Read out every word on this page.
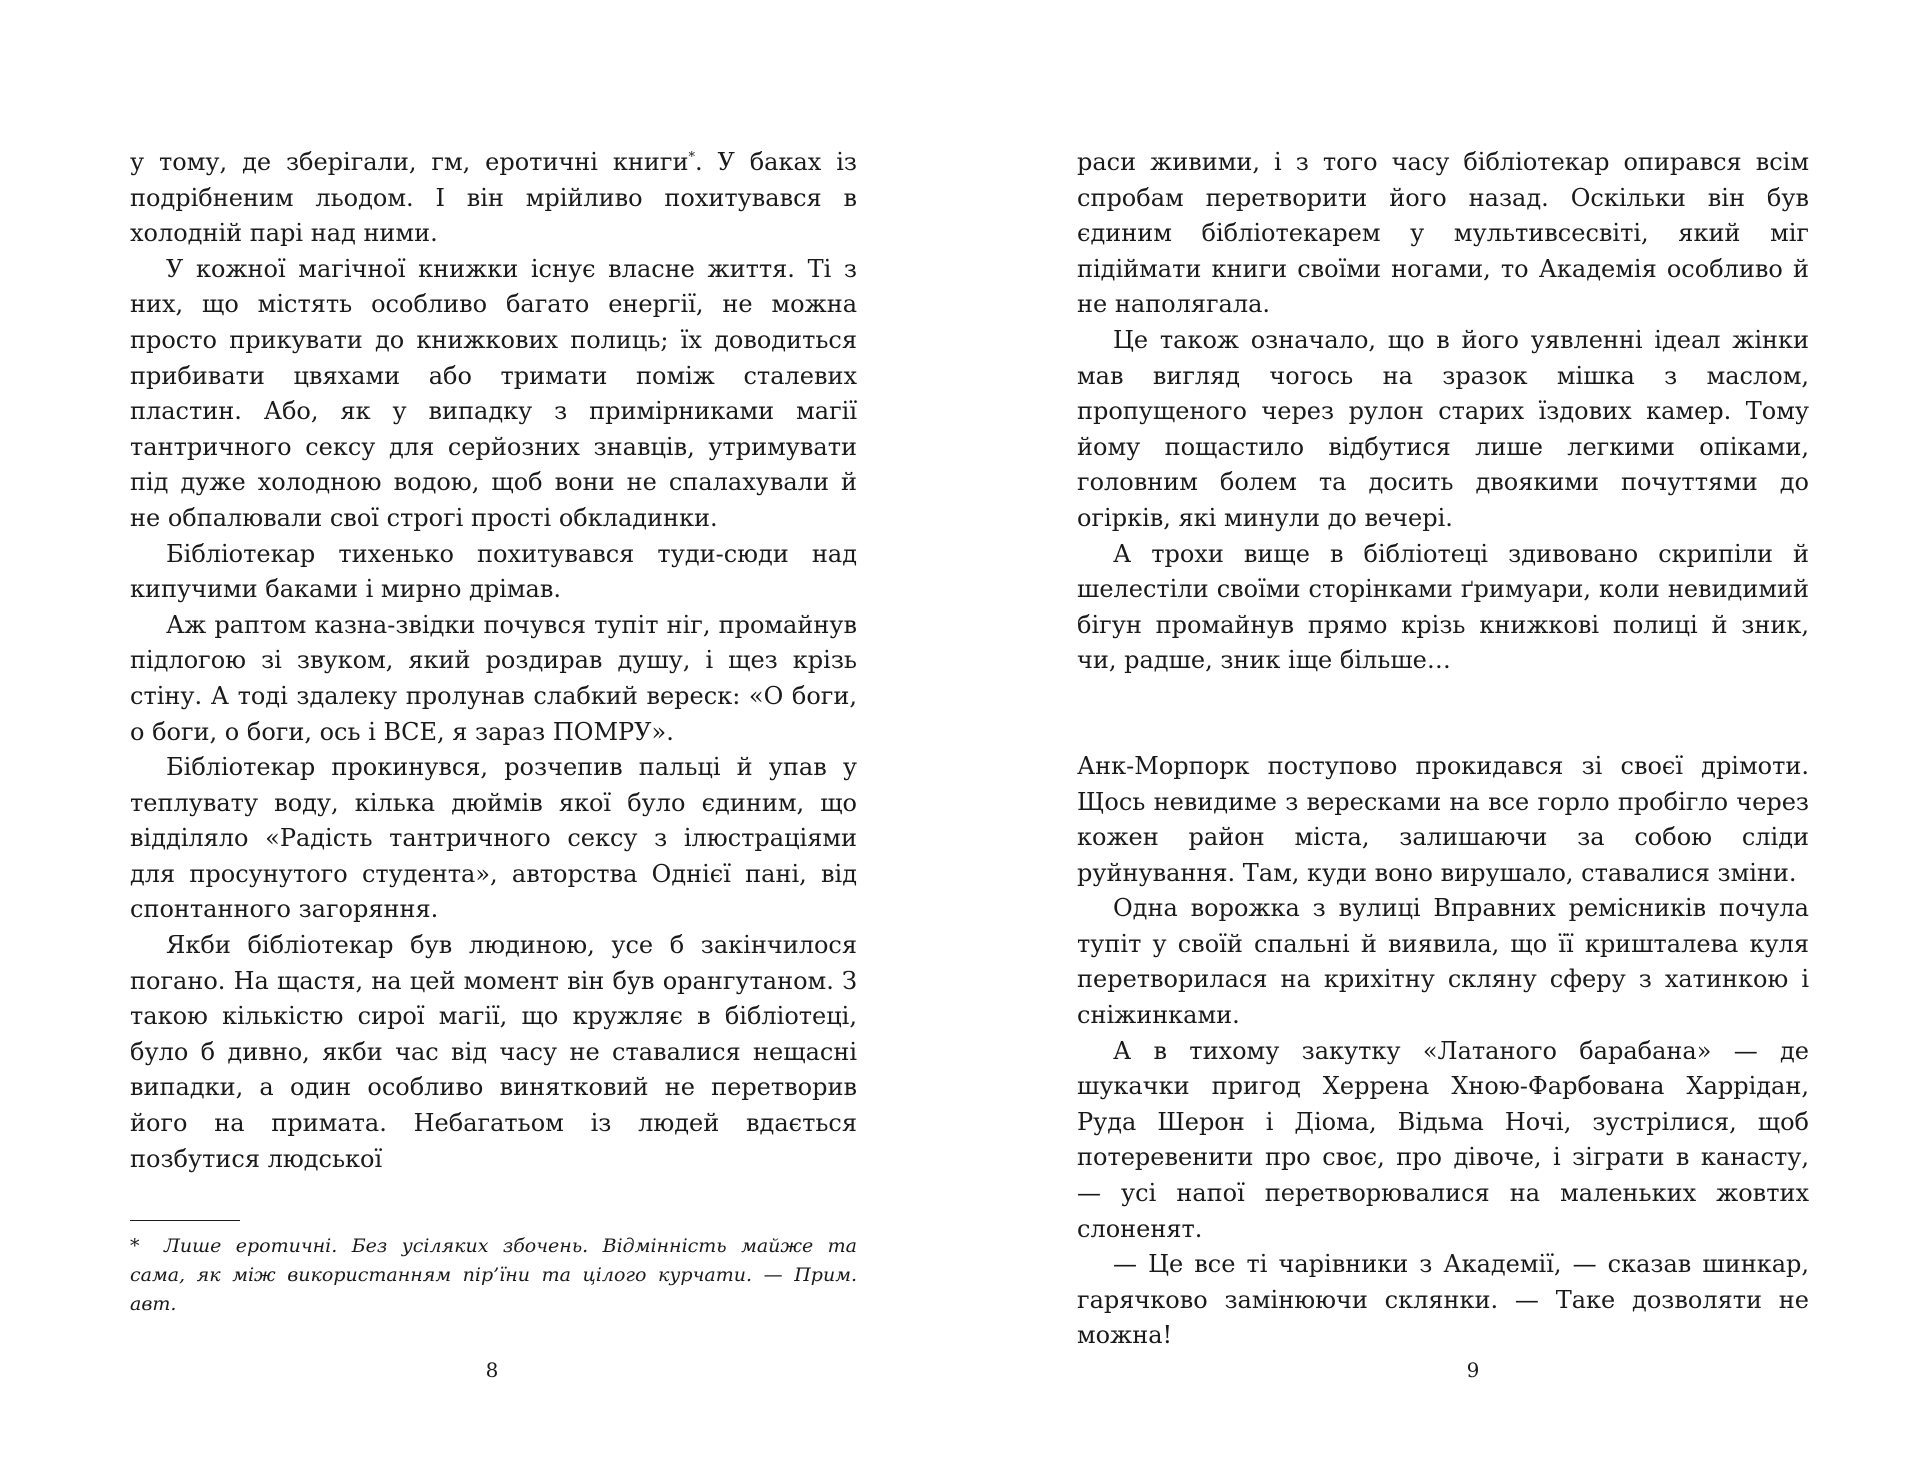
у тому, де зберігали, гм, еротичні книги*. У баках із подрібненим льодом. І він мрійливо похитувався в холодній парі над ними.

У кожної магічної книжки існує власне життя. Ті з них, що містять особливо багато енергії, не можна просто прикувати до книжкових полиць; їх доводиться прибивати цвяхами або тримати поміж сталевих пластин. Або, як у випадку з примірниками магії тантричного сексу для серйозних знавців, утримувати під дуже холодною водою, щоб вони не спалахували й не обпалювали свої строгі прості обкладинки.

Бібліотекар тихенько похитувався туди-сюди над кипучими баками і мирно дрімав.

Аж раптом казна-звідки почувся тупіт ніг, промайнув підлогою зі звуком, який роздирав душу, і щез крізь стіну. А тоді здалеку пролунав слабкий вереск: «О боги, о боги, о боги, ось і ВСЕ, я зараз ПОМРУ».

Бібліотекар прокинувся, розчепив пальці й упав у теплувату воду, кілька дюймів якої було єдиним, що відділяло «Радість тантричного сексу з ілюстраціями для просунутого студента», авторства Однієї пані, від спонтанного загоряння.

Якби бібліотекар був людиною, усе б закінчилося погано. На щастя, на цей момент він був орангутаном. З такою кількістю сирої магії, що кружляє в бібліотеці, було б дивно, якби час від часу не ставалися нещасні випадки, а один особливо винятковий не перетворив його на примата. Небагатьом із людей вдається позбутися людської

* Лише еротичні. Без усіляких збочень. Відмінність майже та сама, як між використанням пір’їни та цілого курчати. — Прим. авт.
8

раси живими, і з того часу бібліотекар опирався всім спробам перетворити його назад. Оскільки він був єдиним бібліотекарем у мультивсесвіті, який міг підіймати книги своїми ногами, то Академія особливо й не наполягала.

Це також означало, що в його уявленні ідеал жінки мав вигляд чогось на зразок мішка з маслом, пропущеного через рулон старих їздових камер. Тому йому пощастило відбутися лише легкими опіками, головним болем та досить двоякими почуттями до огірків, які минули до вечері.

А трохи вище в бібліотеці здивовано скрипіли й шелестіли своїми сторінками ґримуари, коли невидимий бігун промайнув прямо крізь книжкові полиці й зник, чи, радше, зник іще більше…

Анк-Морпорк поступово прокидався зі своєї дрімоти. Щось невидиме з вересками на все горло пробігло через кожен район міста, залишаючи за собою сліди руйнування. Там, куди воно вирушало, ставалися зміни.

Одна ворожка з вулиці Вправних ремісників почула тупіт у своїй спальні й виявила, що її кришталева куля перетворилася на крихітну скляну сферу з хатинкою і сніжинками.

А в тихому закутку «Латаного барабана» — де шукачки пригод Херрена Хною-Фарбована Харрідан, Руда Шерон і Діома, Відьма Ночі, зустрілися, щоб потеревенити про своє, про дівоче, і зіграти в канасту, — усі напої перетворювалися на маленьких жовтих слоненят.

— Це все ті чарівники з Академії, — сказав шинкар, гарячково замінюючи склянки. — Таке дозволяти не можна!

9
